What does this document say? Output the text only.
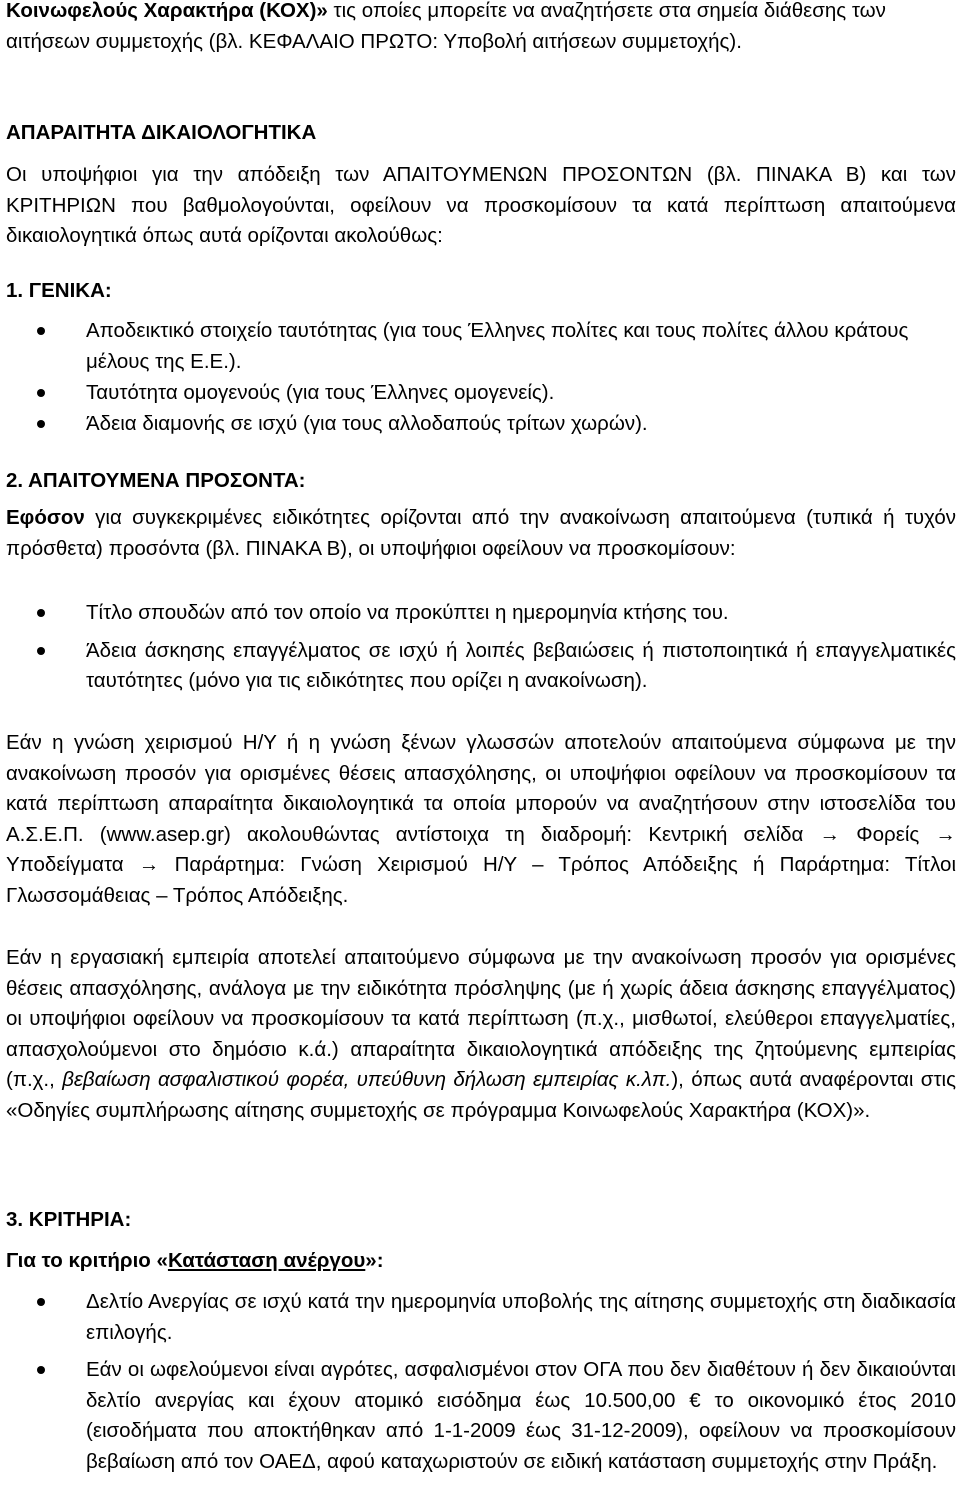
Κοινωφελούς Χαρακτήρα (ΚΟΧ)» τις οποίες μπορείτε να αναζητήσετε στα σημεία διάθεσης των αιτήσεων συμμετοχής (βλ. ΚΕΦΑΛΑΙΟ ΠΡΩΤΟ: Υποβολή αιτήσεων συμμετοχής).

ΑΠΑΡΑΙΤΗΤΑ ΔΙΚΑΙΟΛΟΓΗΤΙΚΑ

Οι υποψήφιοι για την απόδειξη των ΑΠΑΙΤΟΥΜΕΝΩΝ ΠΡΟΣΟΝΤΩΝ (βλ. ΠΙΝΑΚΑ Β) και των ΚΡΙΤΗΡΙΩΝ που βαθμολογούνται, οφείλουν να προσκομίσουν τα κατά περίπτωση απαιτούμενα δικαιολογητικά όπως αυτά ορίζονται ακολούθως:

1. ΓΕΝΙΚΑ:

Αποδεικτικό στοιχείο ταυτότητας (για τους Έλληνες πολίτες και τους πολίτες άλλου κράτους μέλους της Ε.Ε.).
Ταυτότητα ομογενούς (για τους Έλληνες ομογενείς).
Άδεια διαμονής σε ισχύ (για τους αλλοδαπούς τρίτων χωρών).

2. ΑΠΑΙΤΟΥΜΕΝΑ ΠΡΟΣΟΝΤΑ:

Εφόσον για συγκεκριμένες ειδικότητες ορίζονται από την ανακοίνωση απαιτούμενα (τυπικά ή τυχόν πρόσθετα) προσόντα (βλ. ΠΙΝΑΚΑ Β), οι υποψήφιοι οφείλουν να προσκομίσουν:

Τίτλο σπουδών από τον οποίο να προκύπτει η ημερομηνία κτήσης του.
Άδεια άσκησης επαγγέλματος σε ισχύ ή λοιπές βεβαιώσεις ή πιστοποιητικά ή επαγγελματικές ταυτότητες (μόνο για τις ειδικότητες που ορίζει η ανακοίνωση).

Εάν η γνώση χειρισμού Η/Υ ή η γνώση ξένων γλωσσών αποτελούν απαιτούμενα σύμφωνα με την ανακοίνωση προσόν για ορισμένες θέσεις απασχόλησης, οι υποψήφιοι οφείλουν να προσκομίσουν τα κατά περίπτωση απαραίτητα δικαιολογητικά τα οποία μπορούν να αναζητήσουν στην ιστοσελίδα του Α.Σ.Ε.Π. (www.asep.gr) ακολουθώντας αντίστοιχα τη διαδρομή: Κεντρική σελίδα → Φορείς → Υποδείγματα → Παράρτημα: Γνώση Χειρισμού Η/Υ – Τρόπος Απόδειξης ή Παράρτημα: Τίτλοι Γλωσσομάθειας – Τρόπος Απόδειξης.

Εάν η εργασιακή εμπειρία αποτελεί απαιτούμενο σύμφωνα με την ανακοίνωση προσόν για ορισμένες θέσεις απασχόλησης, ανάλογα με την ειδικότητα πρόσληψης (με ή χωρίς άδεια άσκησης επαγγέλματος) οι υποψήφιοι οφείλουν να προσκομίσουν τα κατά περίπτωση (π.χ., μισθωτοί, ελεύθεροι επαγγελματίες, απασχολούμενοι στο δημόσιο κ.ά.) απαραίτητα δικαιολογητικά απόδειξης της ζητούμενης εμπειρίας (π.χ., βεβαίωση ασφαλιστικού φορέα, υπεύθυνη δήλωση εμπειρίας κ.λπ.), όπως αυτά αναφέρονται στις «Οδηγίες συμπλήρωσης αίτησης συμμετοχής σε πρόγραμμα Κοινωφελούς Χαρακτήρα (ΚΟΧ)».

3. ΚΡΙΤΗΡΙΑ:

Για το κριτήριο «Κατάσταση ανέργου»:

Δελτίο Ανεργίας σε ισχύ κατά την ημερομηνία υποβολής της αίτησης συμμετοχής στη διαδικασία επιλογής.
Εάν οι ωφελούμενοι είναι αγρότες, ασφαλισμένοι στον ΟΓΑ που δεν διαθέτουν ή δεν δικαιούνται δελτίο ανεργίας και έχουν ατομικό εισόδημα έως 10.500,00 € το οικονομικό έτος 2010 (εισοδήματα που αποκτήθηκαν από 1-1-2009 έως 31-12-2009), οφείλουν να προσκομίσουν βεβαίωση από τον ΟΑΕΔ, αφού καταχωριστούν σε ειδική κατάσταση συμμετοχής στην Πράξη.
